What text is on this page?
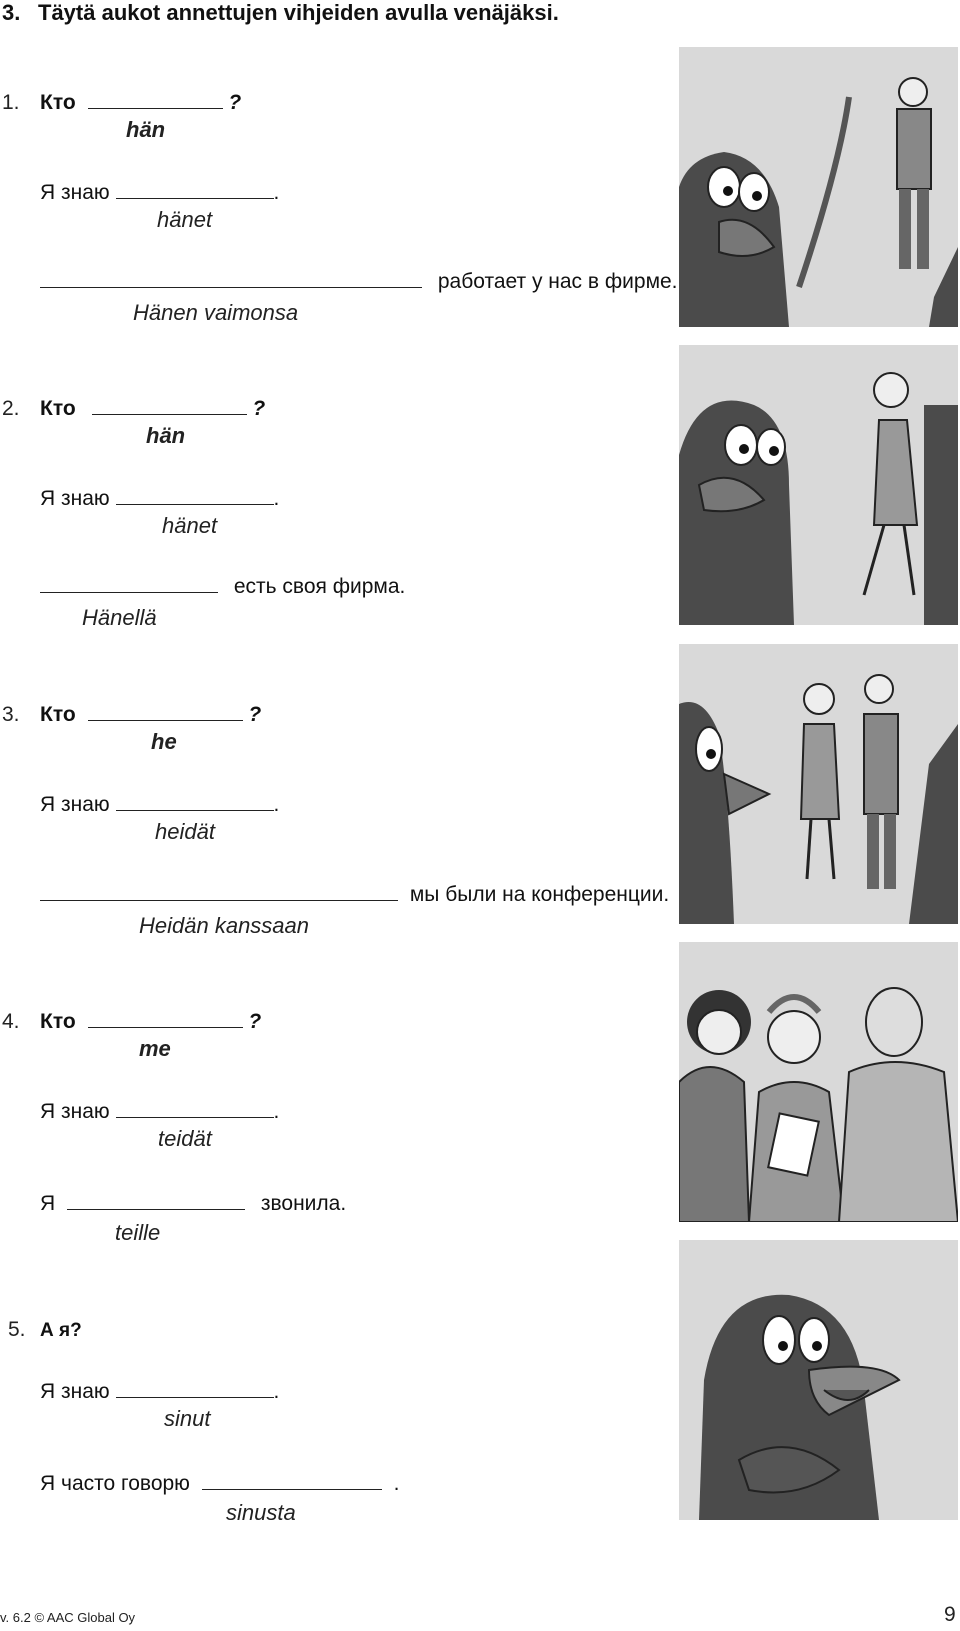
3. Täytä aukot annettujen vihjeiden avulla venäjäksi.
1. Кто	?
hän
Я знаю	.
hänet
работает у нас в фирме.
Hänen vaimonsa
2. Кто	?
hän
Я знаю	.
hänet
есть своя фирма.
Hänellä
3. Кто	?
he
Я знаю	.
heidät
мы были на конференции.
Heidän kanssaan
4. Кто	?
me
Я знаю	.
teidät
Я	звонила.
teille
5. А я?
Я знаю	.
sinut
Я часто говорю	.
sinusta
v. 6.2 © AAC Global Oy	9
